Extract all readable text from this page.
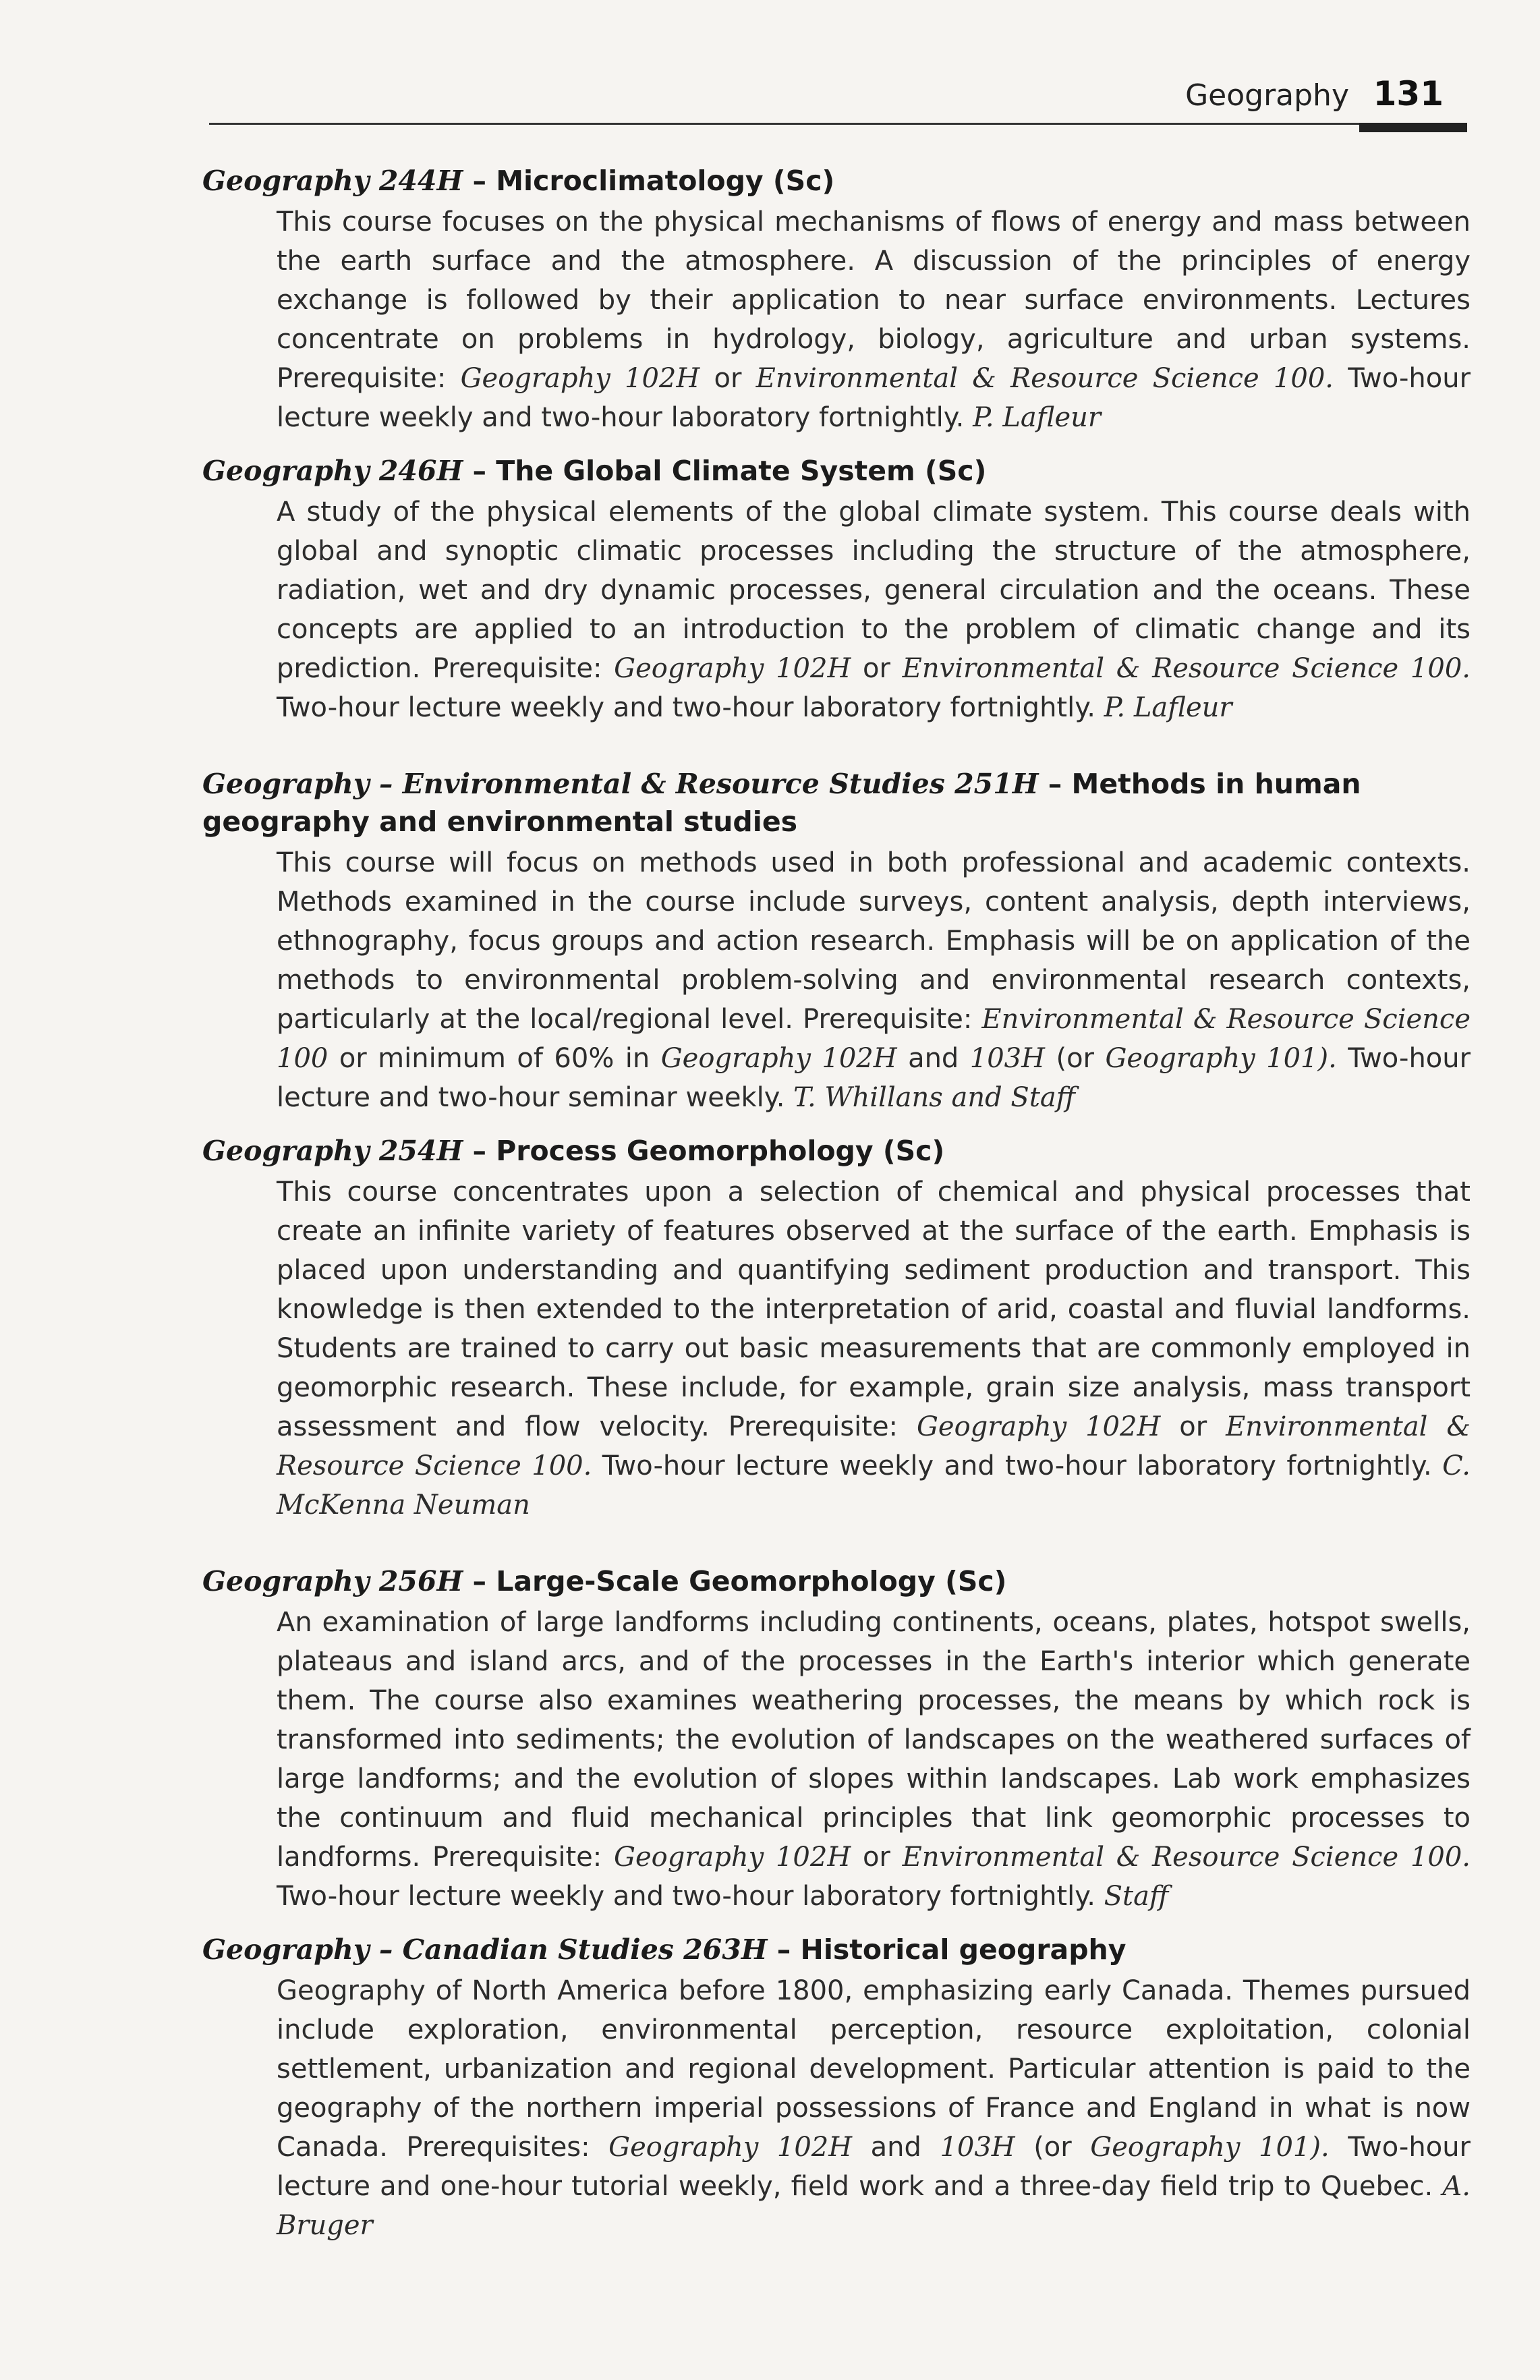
Geography 131
Geography 244H – Microclimatology (Sc)

This course focuses on the physical mechanisms of flows of energy and mass between the earth surface and the atmosphere. A discussion of the principles of energy exchange is followed by their application to near surface environments. Lectures concentrate on problems in hydrology, biology, agriculture and urban systems. Prerequisite: Geography 102H or Environmental & Resource Science 100. Two-hour lecture weekly and two-hour laboratory fortnightly. P. Lafleur

Geography 246H – The Global Climate System (Sc)

A study of the physical elements of the global climate system. This course deals with global and synoptic climatic processes including the structure of the atmosphere, radiation, wet and dry dynamic processes, general circulation and the oceans. These concepts are applied to an introduction to the problem of climatic change and its prediction. Prerequisite: Geography 102H or Environmental & Resource Science 100. Two-hour lecture weekly and two-hour laboratory fortnightly. P. Lafleur

Geography – Environmental & Resource Studies 251H – Methods in human geography and environmental studies

This course will focus on methods used in both professional and academic contexts. Methods examined in the course include surveys, content analysis, depth interviews, ethnography, focus groups and action research. Emphasis will be on application of the methods to environmental problem-solving and environmental research contexts, particularly at the local/regional level. Prerequisite: Environmental & Resource Science 100 or minimum of 60% in Geography 102H and 103H (or Geography 101). Two-hour lecture and two-hour seminar weekly. T. Whillans and Staff

Geography 254H – Process Geomorphology (Sc)

This course concentrates upon a selection of chemical and physical processes that create an infinite variety of features observed at the surface of the earth. Emphasis is placed upon understanding and quantifying sediment production and transport. This knowledge is then extended to the interpretation of arid, coastal and fluvial landforms. Students are trained to carry out basic measurements that are commonly employed in geomorphic research. These include, for example, grain size analysis, mass transport assessment and flow velocity. Prerequisite: Geography 102H or Environmental & Resource Science 100. Two-hour lecture weekly and two-hour laboratory fortnightly. C. McKenna Neuman

Geography 256H – Large-Scale Geomorphology (Sc)

An examination of large landforms including continents, oceans, plates, hotspot swells, plateaus and island arcs, and of the processes in the Earth's interior which generate them. The course also examines weathering processes, the means by which rock is transformed into sediments; the evolution of landscapes on the weathered surfaces of large landforms; and the evolution of slopes within landscapes. Lab work emphasizes the continuum and fluid mechanical principles that link geomorphic processes to landforms. Prerequisite: Geography 102H or Environmental & Resource Science 100. Two-hour lecture weekly and two-hour laboratory fortnightly. Staff

Geography – Canadian Studies 263H – Historical geography

Geography of North America before 1800, emphasizing early Canada. Themes pursued include exploration, environmental perception, resource exploitation, colonial settlement, urbanization and regional development. Particular attention is paid to the geography of the northern imperial possessions of France and England in what is now Canada. Prerequisites: Geography 102H and 103H (or Geography 101). Two-hour lecture and one-hour tutorial weekly, field work and a three-day field trip to Quebec. A. Bruger
